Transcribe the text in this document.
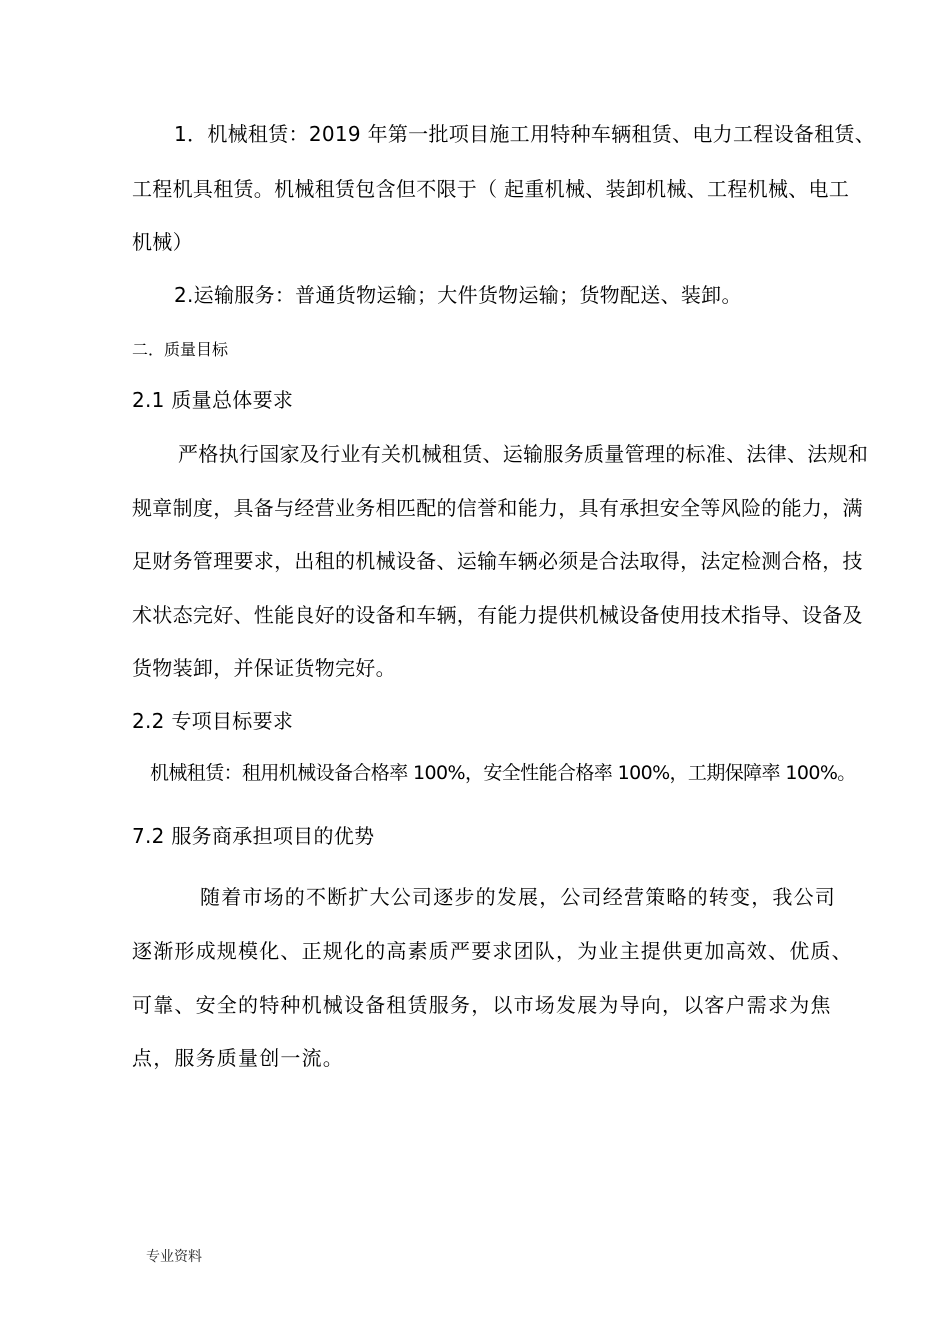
1．机械租赁：2019 年第一批项目施工用特种车辆租赁、电力工程设备租赁、

工程机具租赁。机械租赁包含但不限于（ 起重机械、装卸机械、工程机械、电工

机械）

2.运输服务：普通货物运输；大件货物运输；货物配送、装卸。

二．质量目标

2.1 质量总体要求

严格执行国家及行业有关机械租赁、运输服务质量管理的标准、法律、法规和

规章制度，具备与经营业务相匹配的信誉和能力，具有承担安全等风险的能力，满

足财务管理要求，出租的机械设备、运输车辆必须是合法取得，法定检测合格，技

术状态完好、性能良好的设备和车辆，有能力提供机械设备使用技术指导、设备及

货物装卸，并保证货物完好。

2.2 专项目标要求

机械租赁：租用机械设备合格率 100%，安全性能合格率 100%，工期保障率 100%。

7.2 服务商承担项目的优势

随着市场的不断扩大公司逐步的发展，公司经营策略的转变，我公司

逐渐形成规模化、正规化的高素质严要求团队，为业主提供更加高效、优质、

可靠、安全的特种机械设备租赁服务，以市场发展为导向，以客户需求为焦

点，服务质量创一流。

专业资料
